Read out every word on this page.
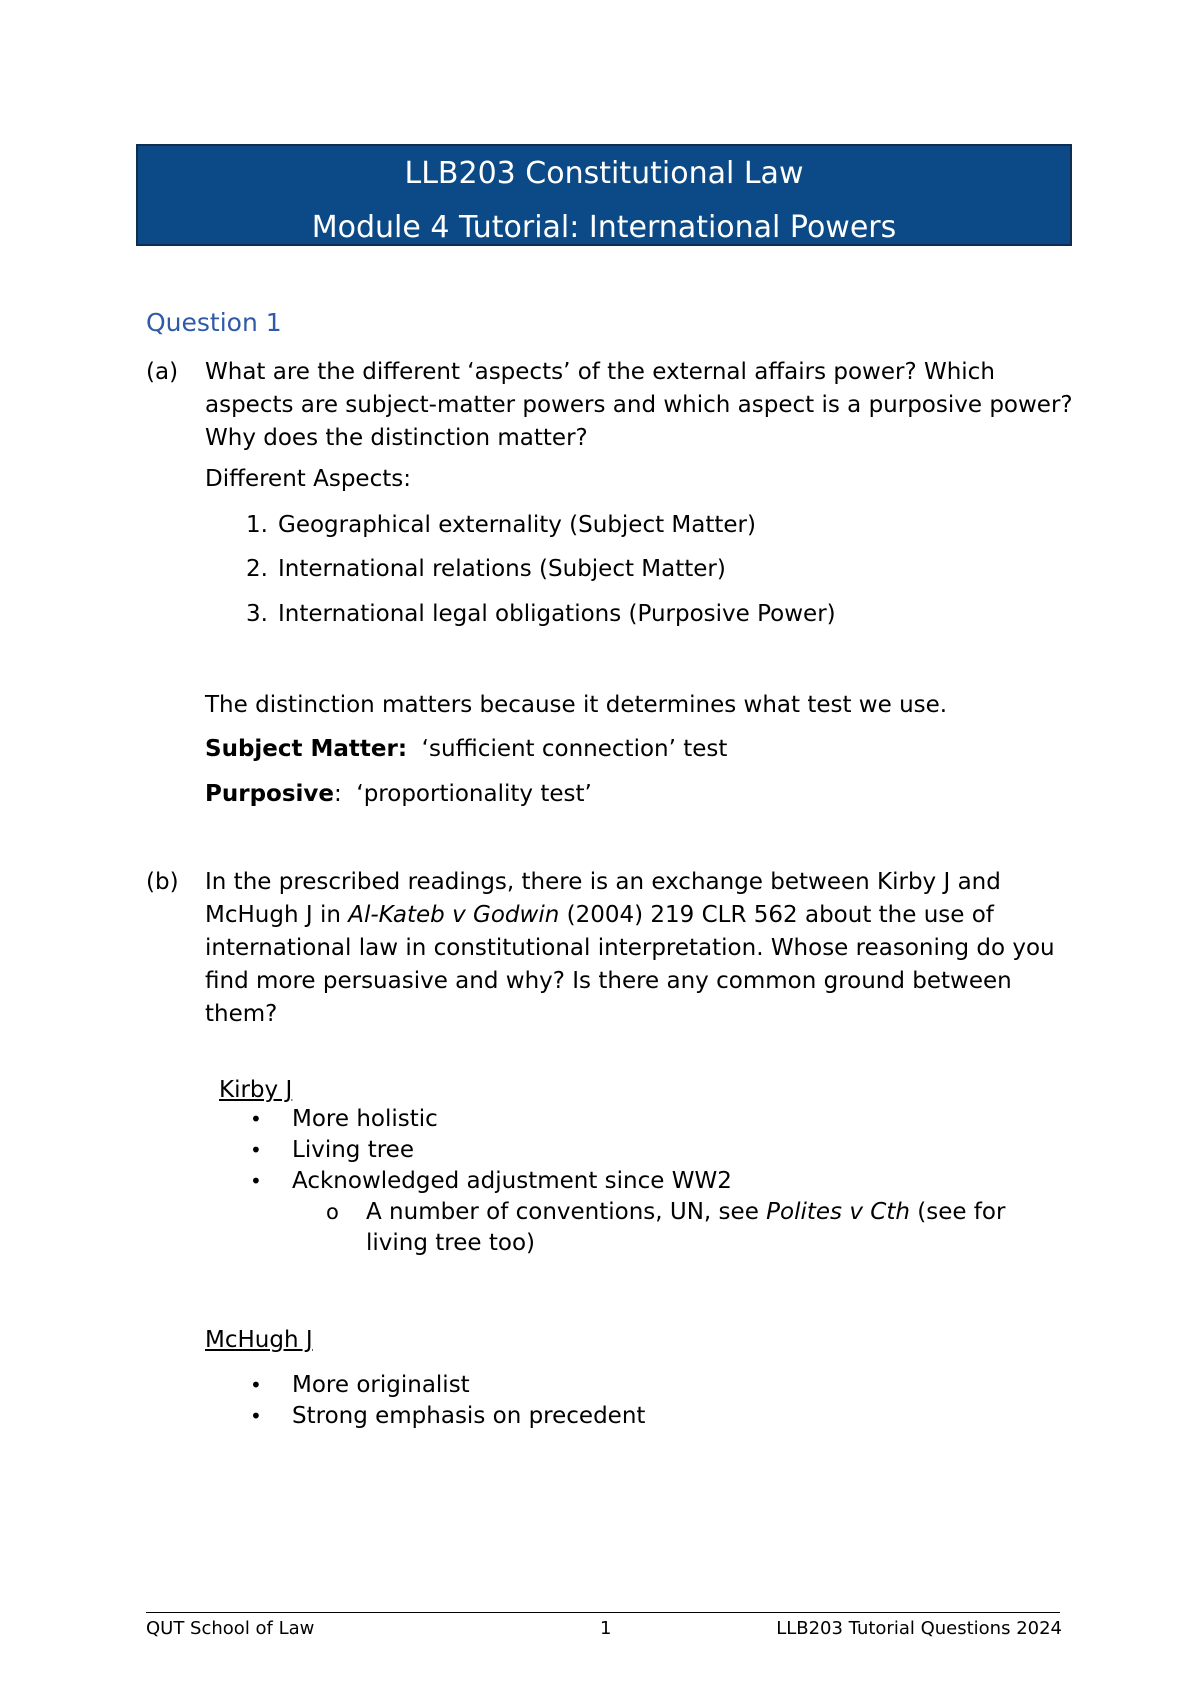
LLB203 Constitutional Law
Module 4 Tutorial: International Powers
Question 1
(a)	What are the different ‘aspects’ of the external affairs power? Which aspects are subject-matter powers and which aspect is a purposive power? Why does the distinction matter?
Different Aspects:
1. Geographical externality (Subject Matter)
2. International relations (Subject Matter)
3. International legal obligations (Purposive Power)
The distinction matters because it determines what test we use.
Subject Matter:  ‘sufficient connection’ test
Purposive:  ‘proportionality test’
(b)	In the prescribed readings, there is an exchange between Kirby J and McHugh J in Al-Kateb v Godwin (2004) 219 CLR 562 about the use of international law in constitutional interpretation. Whose reasoning do you find more persuasive and why? Is there any common ground between them?
Kirby J
• More holistic
• Living tree
• Acknowledged adjustment since WW2
o A number of conventions, UN, see Polites v Cth (see for living tree too)
McHugh J
• More originalist
• Strong emphasis on precedent
QUT School of Law	1	LLB203 Tutorial Questions 2024
